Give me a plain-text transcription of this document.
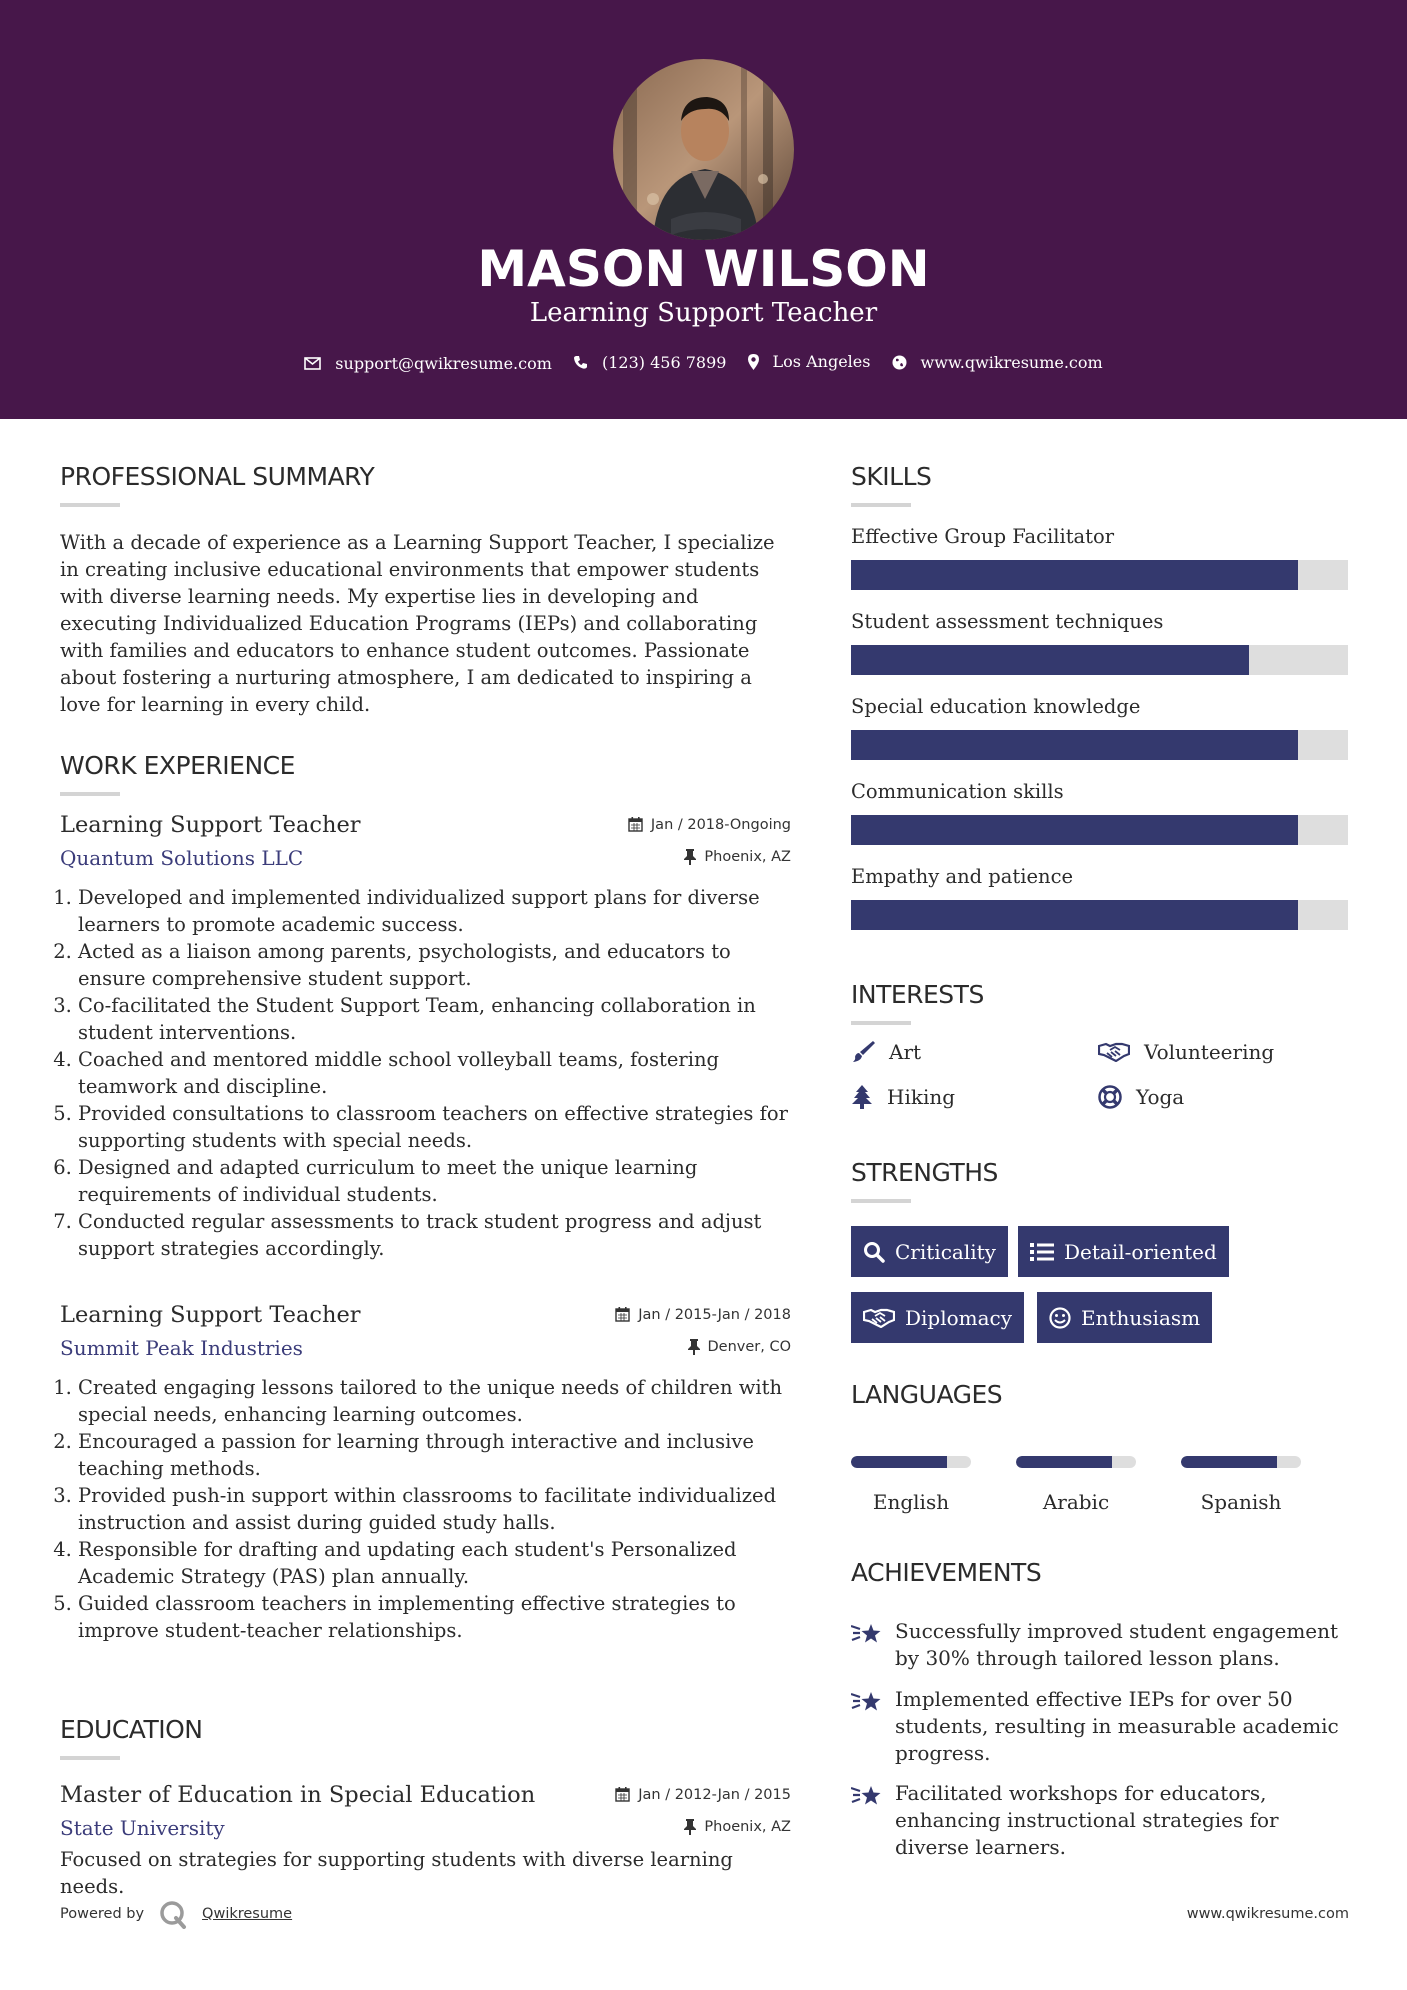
MASON WILSON
Learning Support Teacher
support@qwikresume.com
	(123) 456 7899
	Los Angeles
	www.qwikresume.com
PROFESSIONAL SUMMARY
With a decade of experience as a Learning Support Teacher, I specialize in creating inclusive educational environments that empower students with diverse learning needs. My expertise lies in developing and executing Individualized Education Programs (IEPs) and collaborating with families and educators to enhance student outcomes. Passionate about fostering a nurturing atmosphere, I am dedicated to inspiring a love for learning in every child.
WORK EXPERIENCE
Learning Support Teacher	Jan / 2018-Ongoing
Quantum Solutions LLC	Phoenix, AZ
1. Developed and implemented individualized support plans for diverse learners to promote academic success.
2. Acted as a liaison among parents, psychologists, and educators to ensure comprehensive student support.
3. Co-facilitated the Student Support Team, enhancing collaboration in student interventions.
4. Coached and mentored middle school volleyball teams, fostering teamwork and discipline.
5. Provided consultations to classroom teachers on effective strategies for supporting students with special needs.
6. Designed and adapted curriculum to meet the unique learning requirements of individual students.
7. Conducted regular assessments to track student progress and adjust support strategies accordingly.
Learning Support Teacher	Jan / 2015-Jan / 2018
Summit Peak Industries	Denver, CO
1. Created engaging lessons tailored to the unique needs of children with special needs, enhancing learning outcomes.
2. Encouraged a passion for learning through interactive and inclusive teaching methods.
3. Provided push-in support within classrooms to facilitate individualized instruction and assist during guided study halls.
4. Responsible for drafting and updating each student's Personalized Academic Strategy (PAS) plan annually.
5. Guided classroom teachers in implementing effective strategies to improve student-teacher relationships.
EDUCATION
Master of Education in Special Education	Jan / 2012-Jan / 2015
State University	Phoenix, AZ
Focused on strategies for supporting students with diverse learning needs.
SKILLS
Effective Group Facilitator
Student assessment techniques
Special education knowledge
Communication skills
Empathy and patience
INTERESTS
Art	Volunteering
Hiking	Yoga
STRENGTHS
Criticality	Detail-oriented
Diplomacy	Enthusiasm
LANGUAGES
English	Arabic	Spanish
ACHIEVEMENTS
Successfully improved student engagement by 30% through tailored lesson plans.
Implemented effective IEPs for over 50 students, resulting in measurable academic progress.
Facilitated workshops for educators, enhancing instructional strategies for diverse learners.
Powered by	Qwikresume	www.qwikresume.com
